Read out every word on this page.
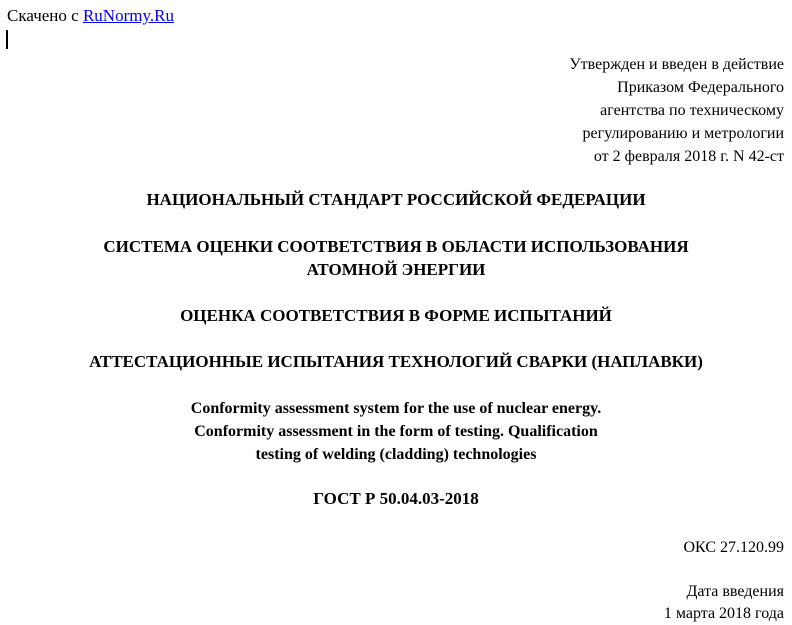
Скачено с RuNormy.Ru
Утвержден и введен в действие
Приказом Федерального
агентства по техническому
регулированию и метрологии
от 2 февраля 2018 г. N 42-ст
НАЦИОНАЛЬНЫЙ СТАНДАРТ РОССИЙСКОЙ ФЕДЕРАЦИИ
СИСТЕМА ОЦЕНКИ СООТВЕТСТВИЯ В ОБЛАСТИ ИСПОЛЬЗОВАНИЯ
АТОМНОЙ ЭНЕРГИИ
ОЦЕНКА СООТВЕТСТВИЯ В ФОРМЕ ИСПЫТАНИЙ
АТТЕСТАЦИОННЫЕ ИСПЫТАНИЯ ТЕХНОЛОГИЙ СВАРКИ (НАПЛАВКИ)
Conformity assessment system for the use of nuclear energy.
Conformity assessment in the form of testing. Qualification
testing of welding (cladding) technologies
ГОСТ Р 50.04.03-2018
ОКС 27.120.99
Дата введения
1 марта 2018 года
